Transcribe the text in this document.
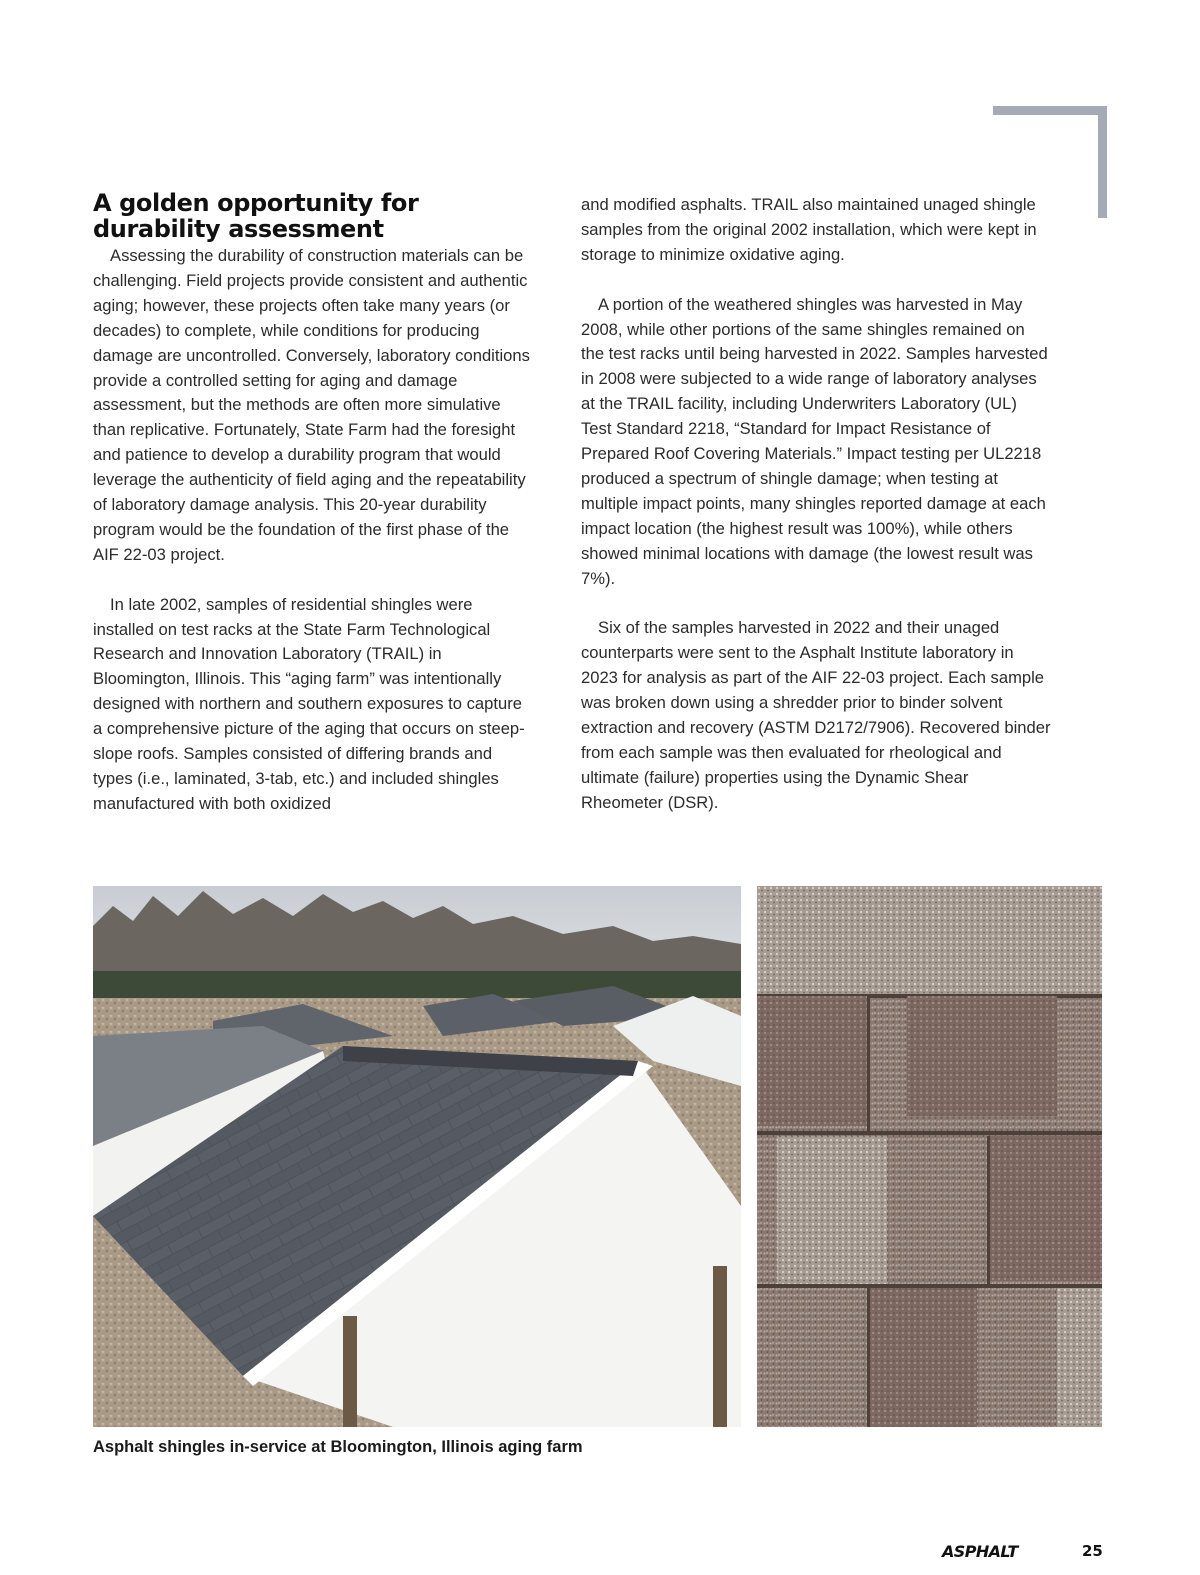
A golden opportunity for durability assessment

Assessing the durability of construction materials can be challenging. Field projects provide consistent and authentic aging; however, these projects often take many years (or decades) to complete, while conditions for producing damage are uncontrolled. Conversely, laboratory conditions provide a controlled setting for aging and damage assessment, but the methods are often more simulative than replicative. Fortunately, State Farm had the foresight and patience to develop a durability program that would leverage the authenticity of field aging and the repeatability of laboratory damage analysis. This 20-year durability program would be the foundation of the first phase of the AIF 22-03 project.

In late 2002, samples of residential shingles were installed on test racks at the State Farm Technological Research and Innovation Laboratory (TRAIL) in Bloomington, Illinois. This “aging farm” was intentionally designed with northern and southern exposures to capture a comprehensive picture of the aging that occurs on steep-slope roofs. Samples consisted of differing brands and types (i.e., laminated, 3-tab, etc.) and included shingles manufactured with both oxidized

and modified asphalts. TRAIL also maintained unaged shingle samples from the original 2002 installation, which were kept in storage to minimize oxidative aging.

A portion of the weathered shingles was harvested in May 2008, while other portions of the same shingles remained on the test racks until being harvested in 2022. Samples harvested in 2008 were subjected to a wide range of laboratory analyses at the TRAIL facility, including Underwriters Laboratory (UL) Test Standard 2218, “Standard for Impact Resistance of Prepared Roof Covering Materials.” Impact testing per UL2218 produced a spectrum of shingle damage; when testing at multiple impact points, many shingles reported damage at each impact location (the highest result was 100%), while others showed minimal locations with damage (the lowest result was 7%).

Six of the samples harvested in 2022 and their unaged counterparts were sent to the Asphalt Institute laboratory in 2023 for analysis as part of the AIF 22-03 project. Each sample was broken down using a shredder prior to binder solvent extraction and recovery (ASTM D2172/7906). Recovered binder from each sample was then evaluated for rheological and ultimate (failure) properties using the Dynamic Shear Rheometer (DSR).

Asphalt shingles in-service at Bloomington, Illinois aging farm
ASPHALT	25
